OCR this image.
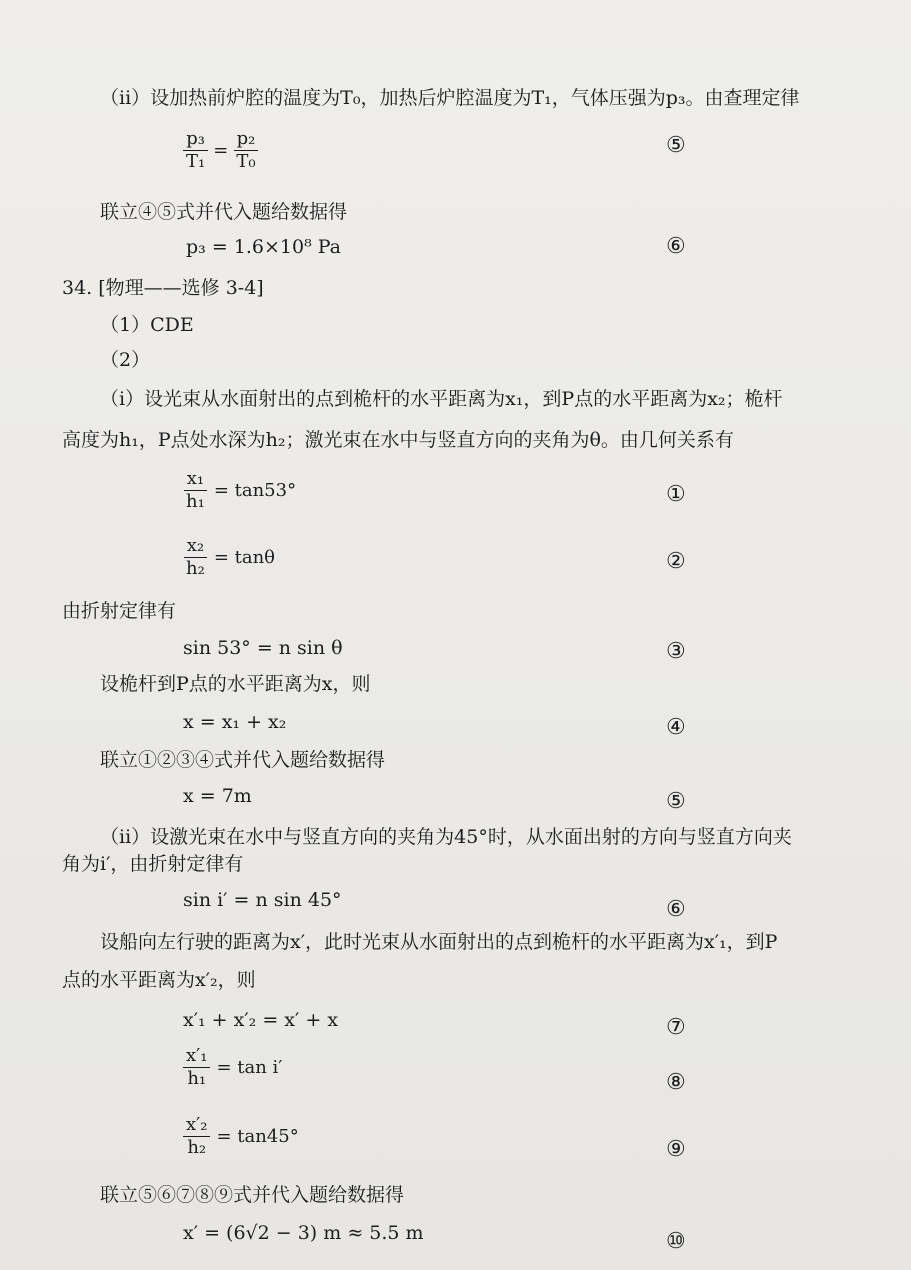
（ii）设加热前炉腔的温度为T₀，加热后炉腔温度为T₁，气体压强为p₃。由查理定律
$\frac{\text{p₃}}{\text{T₁}} = \frac{\text{p₂}}{\text{T₀}}$	⑤
联立④⑤式并代入题给数据得
p₃ = 1.6×10⁸ Pa	⑥
34. [物理——选修 3-4]
（1）CDE
（2）
（i）设光束从水面射出的点到桅杆的水平距离为x₁，到P点的水平距离为x₂；桅杆
高度为h₁，P点处水深为h₂；激光束在水中与竖直方向的夹角为θ。由几何关系有
$\frac{\text{x₁}}{\text{h₁}} = \tan 53^\circ$	①
$\frac{\text{x₂}}{\text{h₂}} = \tan\theta$	②
由折射定律有
sin 53° = n sin θ	③
设桅杆到P点的水平距离为x，则
x = x₁ + x₂	④
联立①②③④式并代入题给数据得
x = 7m	⑤
（ii）设激光束在水中与竖直方向的夹角为45°时，从水面出射的方向与竖直方向夹
角为i′，由折射定律有
sin i′ = n sin 45°	⑥
设船向左行驶的距离为x′，此时光束从水面射出的点到桅杆的水平距离为x′₁，到P
点的水平距离为x′₂，则
x′₁ + x′₂ = x′ + x	⑦
$\frac{\text{x′₁}}{\text{h₁}} = \tan i'$
⑧
$\frac{\text{x′₂}}{\text{h₂}} = \tan 45^\circ$
⑨
联立⑤⑥⑦⑧⑨式并代入题给数据得
x′ = (6√2 − 3) m ≈ 5.5 m	⑩
